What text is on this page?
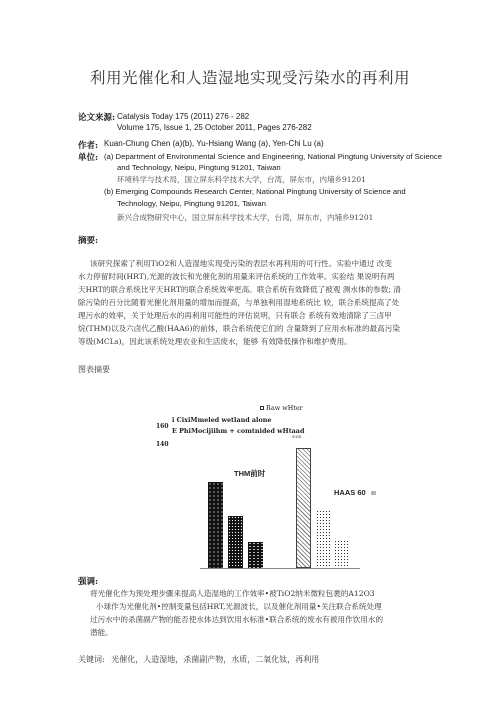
利用光催化和人造湿地实现受污染水的再利用
论文来源: Catalysis Today 175 (2011) 276 - 282
Volume 175, Issue 1, 25 October 2011, Pages 276-282
作者: Kuan-Chung Chen (a)(b), Yu-Hsiang Wang (a), Yen-Chi Lu (a)
单位: (a) Department of Environmental Science and Engineering, National Pingtung University of Science
and Technology, Neipu, Pingtung 91201, Taiwan
环境科学与技术局，国立屏东科学技术大学，台湾，屏东市，内埔乡91201
(b) Emerging Compounds Research Center, National Pingtung University of Science and
Technology, Neipu, Pingtung 91201, Taiwan
新兴合成物研究中心，国立屏东科学技术大学，台湾，屏东市，内埔乡91201
摘要:
该研究探索了利用TiO2和人造湿地实现受污染的表层水再利用的可行性。实验中通过 改变
水力停留时间(HRT),光源的波长和光催化剂的用量来评估系统的工作效率。实验结 果说明有两
天HRT的联合系统比平天HRT的联合系统效率更高。联合系统有效降低了被观 测水体的参数; 清
除污染的百分比随着光催化剂用量的增加而提高，与单独利用湿地系统比 较，联合系统提高了处
理污水的效率，关于处理后水的再利用可能性的评估说明，只有联合 系统有效地清除了三卤甲
烷(THM)以及六卤代乙酸(HAA6)的前体，联合系统使它们的 含量降到了应用水标准的最高污染
等级(MCLs)，因此该系统处理农业和生活废水，能够 有效降低操作和维护费用。
图表摘要
Raw wHter
i CixiMmeled wetland alone
160
E PhiMocijiihm + comtnided wHtaad
140
sum
THM前时
HAAS 60 lllll
强调:
将光催化作为预处理步骤来提高人造湿地的工作效率•被TiO2纳米微粒包裹的A12O3
小球作为光催化剂•控制变量包括HRT,光源波长，以及催化剂用量•关注联合系统处理
过污水中的杀菌副产物的能否使水体达到饮用水标准•联合系统的废水有被用作饮用水的
潜能。
关键词: 光催化，人造湿地，杀菌副产物，水质，二氧化钛，再利用
